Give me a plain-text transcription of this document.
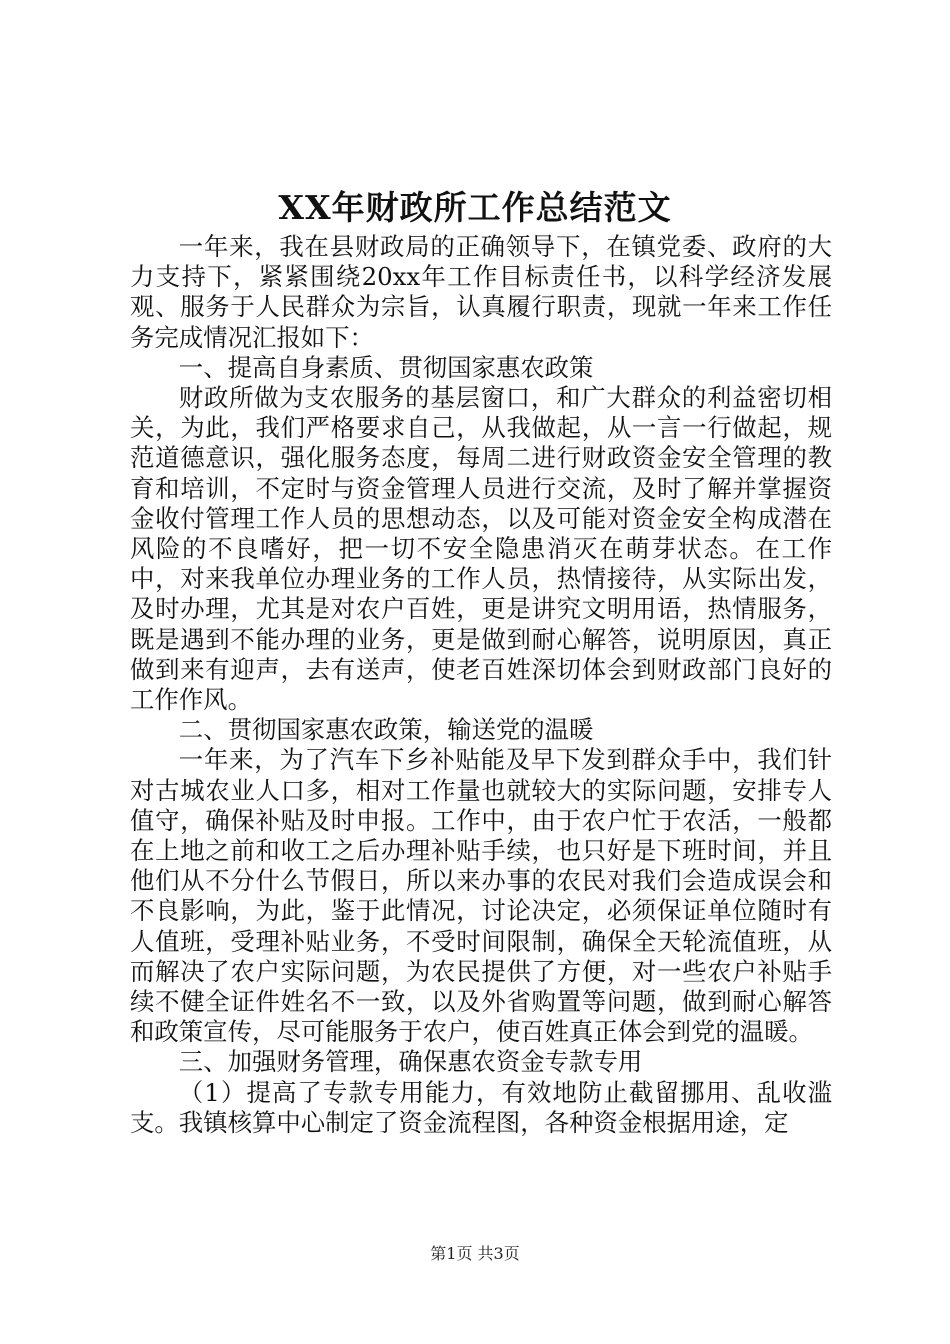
XX年财政所工作总结范文

一年来，我在县财政局的正确领导下，在镇党委、政府的大力支持下，紧紧围绕20xx年工作目标责任书，以科学经济发展观、服务于人民群众为宗旨，认真履行职责，现就一年来工作任务完成情况汇报如下：

一、提高自身素质、贯彻国家惠农政策

财政所做为支农服务的基层窗口，和广大群众的利益密切相关，为此，我们严格要求自己，从我做起，从一言一行做起，规范道德意识，强化服务态度，每周二进行财政资金安全管理的教育和培训，不定时与资金管理人员进行交流，及时了解并掌握资金收付管理工作人员的思想动态，以及可能对资金安全构成潜在风险的不良嗜好，把一切不安全隐患消灭在萌芽状态。在工作中，对来我单位办理业务的工作人员，热情接待，从实际出发，及时办理，尤其是对农户百姓，更是讲究文明用语，热情服务，既是遇到不能办理的业务，更是做到耐心解答，说明原因，真正做到来有迎声，去有送声，使老百姓深切体会到财政部门良好的工作作风。

二、贯彻国家惠农政策，输送党的温暖

一年来，为了汽车下乡补贴能及早下发到群众手中，我们针对古城农业人口多，相对工作量也就较大的实际问题，安排专人值守，确保补贴及时申报。工作中，由于农户忙于农活，一般都在上地之前和收工之后办理补贴手续，也只好是下班时间，并且他们从不分什么节假日，所以来办事的农民对我们会造成误会和不良影响，为此，鉴于此情况，讨论决定，必须保证单位随时有人值班，受理补贴业务，不受时间限制，确保全天轮流值班，从而解决了农户实际问题，为农民提供了方便，对一些农户补贴手续不健全证件姓名不一致，以及外省购置等问题，做到耐心解答和政策宣传，尽可能服务于农户，使百姓真正体会到党的温暖。

三、加强财务管理，确保惠农资金专款专用

（1）提高了专款专用能力，有效地防止截留挪用、乱收滥支。我镇核算中心制定了资金流程图，各种资金根据用途，定

第1页 共3页
